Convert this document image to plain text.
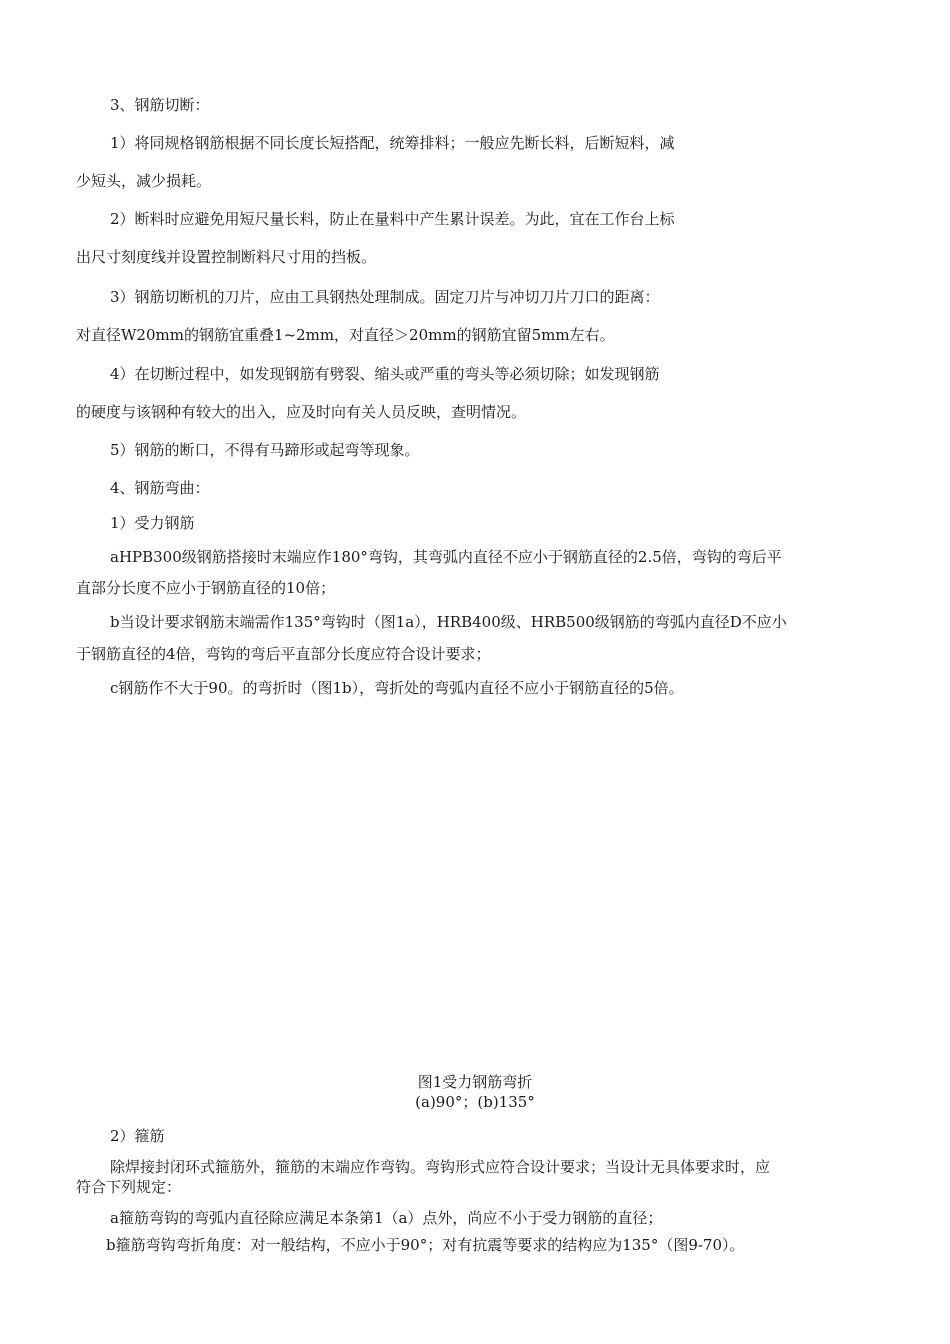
3、钢筋切断：
1）将同规格钢筋根据不同长度长短搭配，统筹排料；一般应先断长料，后断短料，减
少短头，减少损耗。
2）断料时应避免用短尺量长料，防止在量料中产生累计误差。为此，宜在工作台上标
出尺寸刻度线并设置控制断料尺寸用的挡板。
3）钢筋切断机的刀片，应由工具钢热处理制成。固定刀片与冲切刀片刀口的距离：
对直径W20mm的钢筋宜重叠1~2mm，对直径＞20mm的钢筋宜留5mm左右。
4）在切断过程中，如发现钢筋有劈裂、缩头或严重的弯头等必须切除；如发现钢筋
的硬度与该钢种有较大的出入，应及时向有关人员反映，查明情况。
5）钢筋的断口，不得有马蹄形或起弯等现象。
4、钢筋弯曲：
1）受力钢筋
aHPB300级钢筋搭接时末端应作180°弯钩，其弯弧内直径不应小于钢筋直径的2.5倍，弯钩的弯后平
直部分长度不应小于钢筋直径的10倍；
b当设计要求钢筋末端需作135°弯钩时（图1a），HRB400级、HRB500级钢筋的弯弧内直径D不应小
于钢筋直径的4倍，弯钩的弯后平直部分长度应符合设计要求；
c钢筋作不大于90。的弯折时（图1b），弯折处的弯弧内直径不应小于钢筋直径的5倍。
图1受力钢筋弯折
(a)90°；(b)135°
2）箍筋
除焊接封闭环式箍筋外，箍筋的末端应作弯钩。弯钩形式应符合设计要求；当设计无具体要求时，应
符合下列规定：
a箍筋弯钩的弯弧内直径除应满足本条第1（a）点外，尚应不小于受力钢筋的直径；
b箍筋弯钩弯折角度：对一般结构，不应小于90°；对有抗震等要求的结构应为135°（图9-70）。
